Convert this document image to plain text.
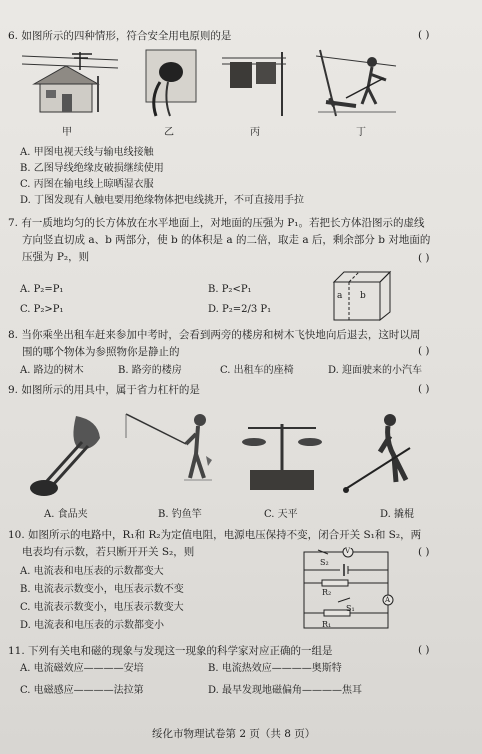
6. 如图所示的四种情形，符合安全用电原则的是	( )
甲	乙	丙	丁
A. 甲图电视天线与输电线接触
B. 乙图导线绝缘皮破损继续使用
C. 丙图在输电线上晾晒湿衣服
D. 丁图发现有人触电要用绝缘物体把电线挑开，不可直接用手拉
7. 有一质地均匀的长方体放在水平地面上，对地面的压强为 P₁。若把长方体沿图示的虚线
方向竖直切成 a、b 两部分，使 b 的体积是 a 的二倍，取走 a 后，剩余部分 b 对地面的
压强为 P₂，则	( )
A. P₂=P₁	B. P₂<P₁
C. P₂>P₁	D. P₂=2/3 P₁
a b
8. 当你乘坐出租车赶来参加中考时，会看到两旁的楼房和树木飞快地向后退去，这时以周
围的哪个物体为参照物你是静止的	( )
A. 路边的树木	B. 路旁的楼房	C. 出租车的座椅	D. 迎面驶来的小汽车
9. 如图所示的用具中，属于省力杠杆的是	( )
A. 食品夹	B. 钓鱼竿	C. 天平	D. 撬棍
10. 如图所示的电路中，R₁和 R₂为定值电阻，电源电压保持不变，闭合开关 S₁和 S₂，两
电表均有示数，若只断开开关 S₂，则	( )
A. 电流表和电压表的示数都变大
B. 电流表示数变小，电压表示数不变
C. 电流表示数变小，电压表示数变大
D. 电流表和电压表的示数都变小
S₂
V
R₂
S₁
A
R₁
11. 下列有关电和磁的现象与发现这一现象的科学家对应正确的一组是	( )
A. 电流磁效应————安培	B. 电流热效应————奥斯特
C. 电磁感应————法拉第	D. 最早发现地磁偏角————焦耳
绥化市物理试卷第 2 页（共 8 页）
